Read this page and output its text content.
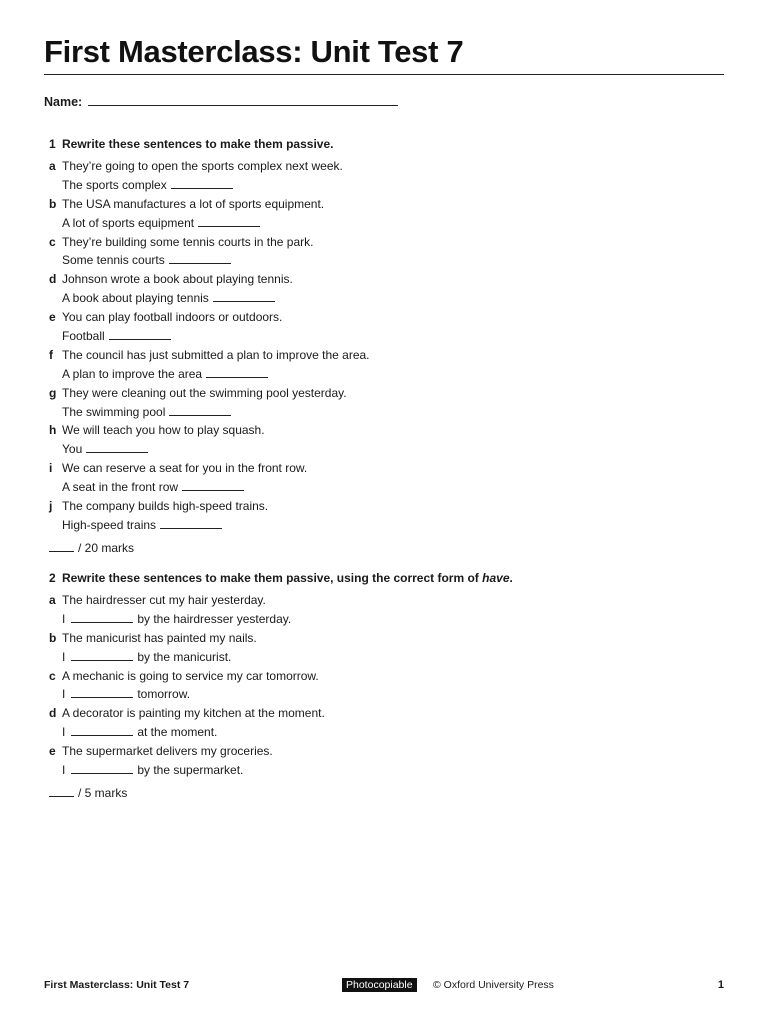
First Masterclass: Unit Test 7
Name:
1 Rewrite these sentences to make them passive.
a They’re going to open the sports complex next week.
The sports complex
b The USA manufactures a lot of sports equipment.
A lot of sports equipment
c They’re building some tennis courts in the park.
Some tennis courts
d Johnson wrote a book about playing tennis.
A book about playing tennis
e You can play football indoors or outdoors.
Football
f The council has just submitted a plan to improve the area.
A plan to improve the area
g They were cleaning out the swimming pool yesterday.
The swimming pool
h We will teach you how to play squash.
You
i We can reserve a seat for you in the front row.
A seat in the front row
j The company builds high-speed trains.
High-speed trains
/ 20 marks
2 Rewrite these sentences to make them passive, using the correct form of have.
a The hairdresser cut my hair yesterday.
I	by the hairdresser yesterday.
b The manicurist has painted my nails.
I	by the manicurist.
c A mechanic is going to service my car tomorrow.
I	tomorrow.
d A decorator is painting my kitchen at the moment.
I	at the moment.
e The supermarket delivers my groceries.
I	by the supermarket.
/ 5 marks
First Masterclass: Unit Test 7	Photocopiable	© Oxford University Press	1
